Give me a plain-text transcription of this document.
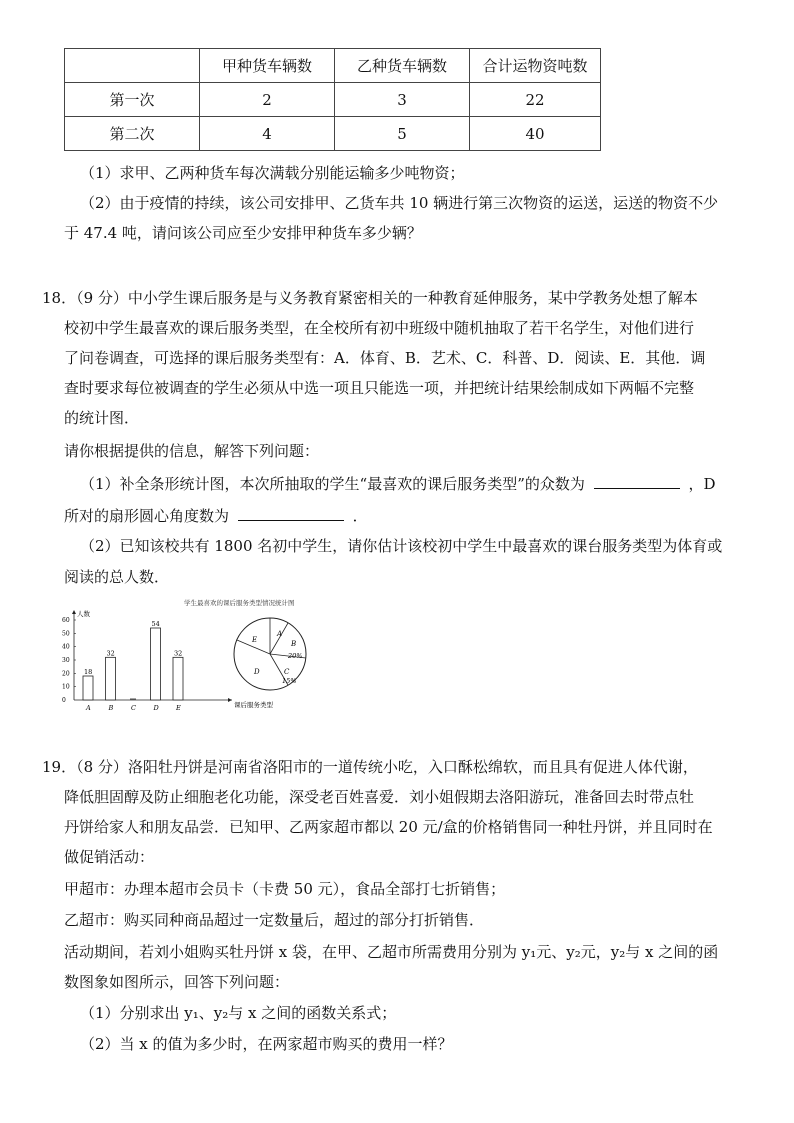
	甲种货车辆数	乙种货车辆数	合计运物资吨数
第一次	2	3	22
第二次	4	5	40
（1）求甲、乙两种货车每次满载分别能运输多少吨物资；
（2）由于疫情的持续，该公司安排甲、乙货车共 10 辆进行第三次物资的运送，运送的物资不少
于 47.4 吨，请问该公司应至少安排甲种货车多少辆？
18．（9 分）中小学生课后服务是与义务教育紧密相关的一种教育延伸服务，某中学教务处想了解本
校初中学生最喜欢的课后服务类型，在全校所有初中班级中随机抽取了若干名学生，对他们进行
了问卷调查，可选择的课后服务类型有：A．体育、B．艺术、C．科普、D．阅读、E．其他．调
查时要求每位被调查的学生必须从中选一项且只能选一项，并把统计结果绘制成如下两幅不完整
的统计图．
请你根据提供的信息，解答下列问题：
（1）补全条形统计图，本次所抽取的学生“最喜欢的课后服务类型”的众数为	，D
所对的扇形圆心角度数为	．
（2）已知该校共有 1800 名初中学生，请你估计该校初中学生中最喜欢的课台服务类型为体育或
阅读的总人数．
学生最喜欢的课后服务类型情况统计图
人数
课后服务类型
60
50
40
30
20
10
0
A
18
B
32
C	D
54
E
32
A
B
20%
C
15%
D
E
19．（8 分）洛阳牡丹饼是河南省洛阳市的一道传统小吃，入口酥松绵软，而且具有促进人体代谢，
降低胆固醇及防止细胞老化功能，深受老百姓喜爱．刘小姐假期去洛阳游玩，准备回去时带点牡
丹饼给家人和朋友品尝．已知甲、乙两家超市都以 20 元/盒的价格销售同一种牡丹饼，并且同时在
做促销活动：
甲超市：办理本超市会员卡（卡费 50 元），食品全部打七折销售；
乙超市：购买同种商品超过一定数量后，超过的部分打折销售．
活动期间，若刘小姐购买牡丹饼 x 袋，在甲、乙超市所需费用分别为 y₁元、y₂元，y₂与 x 之间的函
数图象如图所示，回答下列问题：
（1）分别求出 y₁、y₂与 x 之间的函数关系式；
（2）当 x 的值为多少时，在两家超市购买的费用一样？
